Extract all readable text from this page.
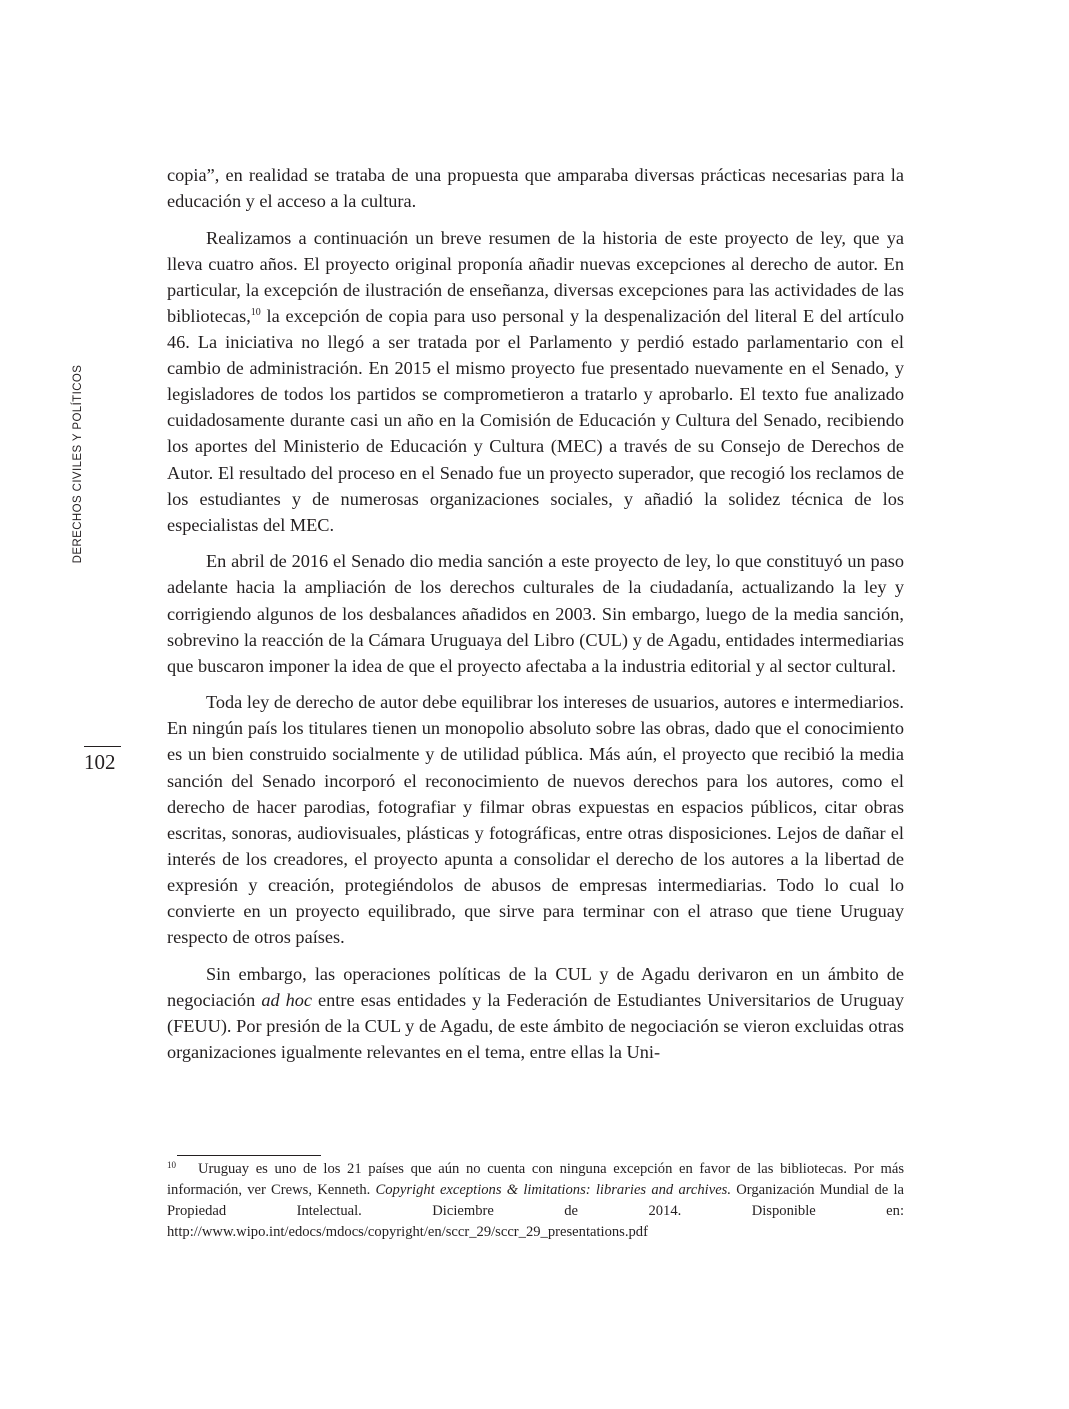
DERECHOS CIVILES Y POLÍTICOS
102

copia”, en realidad se trataba de una propuesta que amparaba diversas prácticas necesarias para la educación y el acceso a la cultura.

Realizamos a continuación un breve resumen de la historia de este proyecto de ley, que ya lleva cuatro años. El proyecto original proponía añadir nuevas excepciones al derecho de autor. En particular, la excepción de ilustración de enseñanza, diversas excepciones para las actividades de las bibliotecas,$^{10}$ la excepción de copia para uso personal y la despenalización del literal E del artículo 46. La iniciativa no llegó a ser tratada por el Parlamento y perdió estado parlamentario con el cambio de administración. En 2015 el mismo proyecto fue presentado nuevamente en el Senado, y legisladores de todos los partidos se comprometieron a tratarlo y aprobarlo. El texto fue analizado cuidadosamente durante casi un año en la Comisión de Educación y Cultura del Senado, recibiendo los aportes del Ministerio de Educación y Cultura (MEC) a través de su Consejo de Derechos de Autor. El resultado del proceso en el Senado fue un proyecto superador, que recogió los reclamos de los estudiantes y de numerosas organizaciones sociales, y añadió la solidez técnica de los especialistas del MEC.

En abril de 2016 el Senado dio media sanción a este proyecto de ley, lo que constituyó un paso adelante hacia la ampliación de los derechos culturales de la ciudadanía, actualizando la ley y corrigiendo algunos de los desbalances añadidos en 2003. Sin embargo, luego de la media sanción, sobrevino la reacción de la Cámara Uruguaya del Libro (CUL) y de Agadu, entidades intermediarias que buscaron imponer la idea de que el proyecto afectaba a la industria editorial y al sector cultural.

Toda ley de derecho de autor debe equilibrar los intereses de usuarios, autores e intermediarios. En ningún país los titulares tienen un monopolio absoluto sobre las obras, dado que el conocimiento es un bien construido socialmente y de utilidad pública. Más aún, el proyecto que recibió la media sanción del Senado incorporó el reconocimiento de nuevos derechos para los autores, como el derecho de hacer parodias, fotografiar y filmar obras expuestas en espacios públicos, citar obras escritas, sonoras, audiovisuales, plásticas y fotográficas, entre otras disposiciones. Lejos de dañar el interés de los creadores, el proyecto apunta a consolidar el derecho de los autores a la libertad de expresión y creación, protegiéndolos de abusos de empresas intermediarias. Todo lo cual lo convierte en un proyecto equilibrado, que sirve para terminar con el atraso que tiene Uruguay respecto de otros países.

Sin embargo, las operaciones políticas de la CUL y de Agadu derivaron en un ámbito de negociación ad hoc entre esas entidades y la Federación de Estudiantes Universitarios de Uruguay (FEUU). Por presión de la CUL y de Agadu, de este ámbito de negociación se vieron excluidas otras organizaciones igualmente relevantes en el tema, entre ellas la Uni-

10 Uruguay es uno de los 21 países que aún no cuenta con ninguna excepción en favor de las bibliotecas. Por más información, ver Crews, Kenneth. Copyright exceptions & limitations: libraries and archives. Organización Mundial de la Propiedad Intelectual. Diciembre de 2014. Disponible en: http://www.wipo.int/edocs/mdocs/copyright/en/sccr_29/sccr_29_presentations.pdf
